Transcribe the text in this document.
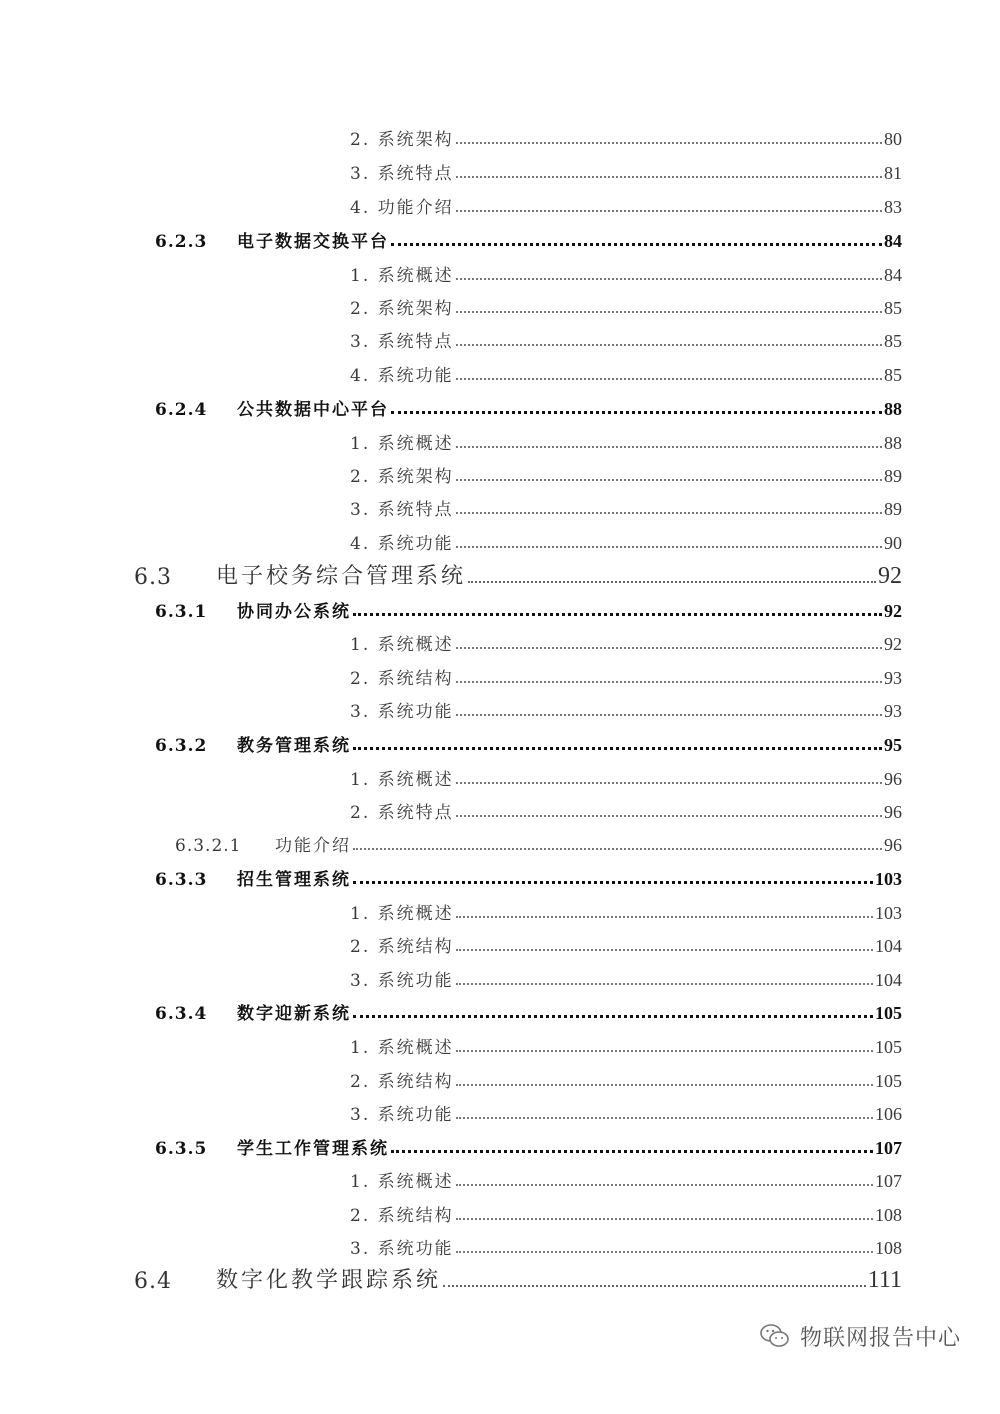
2. 系统架构	80
3. 系统特点	81
4. 功能介绍	83
6.2.3	电子数据交换平台	84
1. 系统概述	84
2. 系统架构	85
3. 系统特点	85
4. 系统功能	85
6.2.4	公共数据中心平台	88
1. 系统概述	88
2. 系统架构	89
3. 系统特点	89
4. 系统功能	90
6.3	电子校务综合管理系统	92
6.3.1	协同办公系统	92
1. 系统概述	92
2. 系统结构	93
3. 系统功能	93
6.3.2	教务管理系统	95
1. 系统概述	96
2. 系统特点	96
6.3.2.1	功能介绍	96
6.3.3	招生管理系统	103
1. 系统概述	103
2. 系统结构	104
3. 系统功能	104
6.3.4	数字迎新系统	105
1. 系统概述	105
2. 系统结构	105
3. 系统功能	106
6.3.5	学生工作管理系统	107
1. 系统概述	107
2. 系统结构	108
3. 系统功能	108
6.4	数字化教学跟踪系统	111
物联网报告中心
